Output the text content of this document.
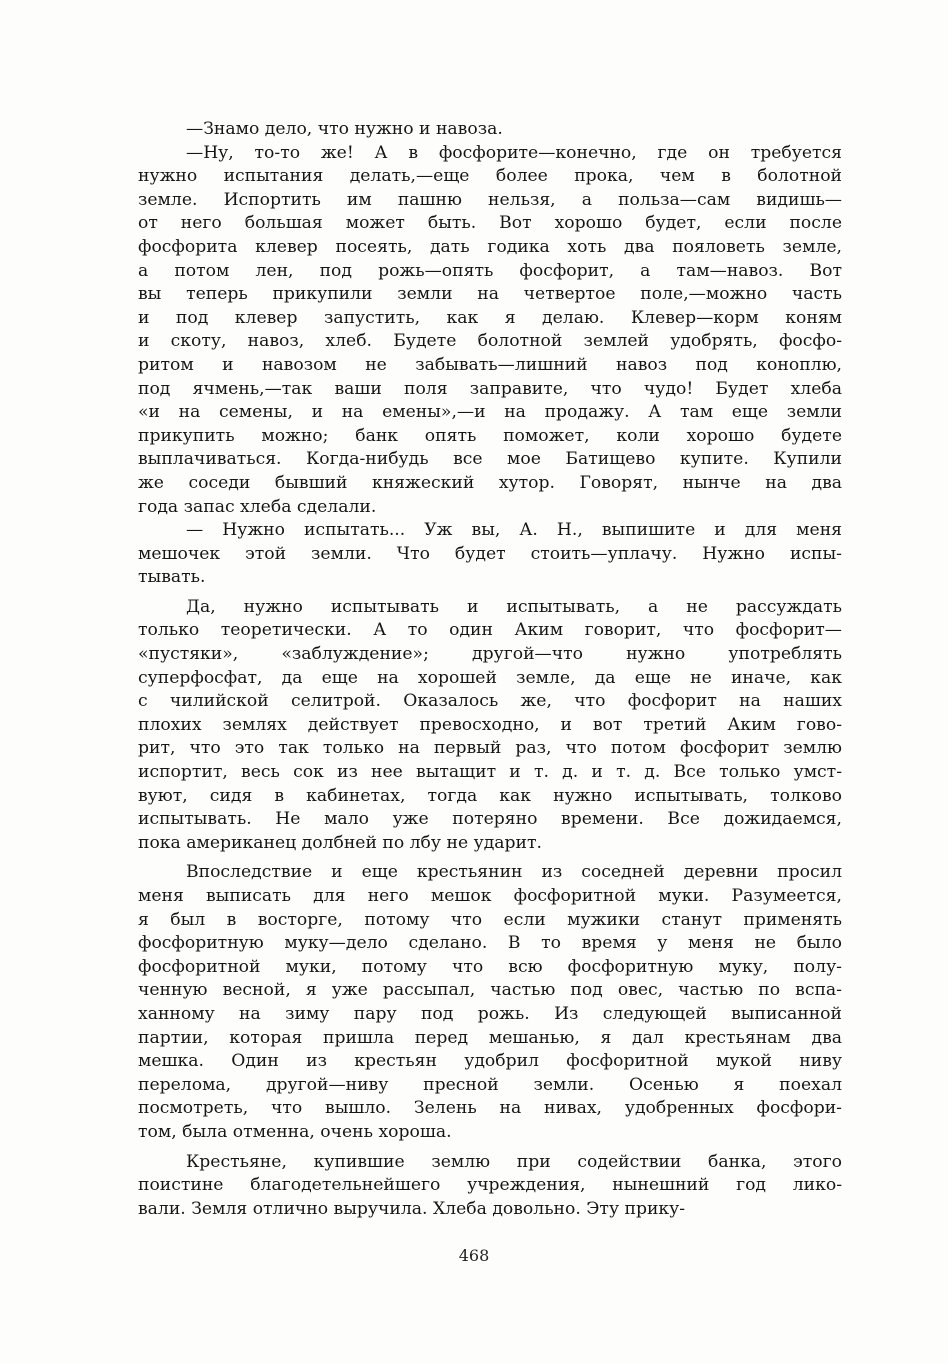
—Знамо дело, что нужно и навоза.
—Ну, то-то же! А в фосфорите—конечно, где он требуется
нужно испытания делать,—еще более прока, чем в болотной
земле. Испортить им пашню нельзя, а польза—сам видишь—
от него большая может быть. Вот хорошо будет, если после
фосфорита клевер посеять, дать годика хоть два пояловеть земле,
а потом лен, под рожь—опять фосфорит, а там—навоз. Вот
вы теперь прикупили земли на четвертое поле,—можно часть
и под клевер запустить, как я делаю. Клевер—корм коням
и скоту, навоз, хлеб. Будете болотной землей удобрять, фосфо-
ритом и навозом не забывать—лишний навоз под коноплю,
под ячмень,—так ваши поля заправите, что чудо! Будет хлеба
«и на семены, и на емены»,—и на продажу. А там еще земли
прикупить можно; банк опять поможет, коли хорошо будете
выплачиваться. Когда-нибудь все мое Батищево купите. Купили
же соседи бывший княжеский хутор. Говорят, нынче на два
года запас хлеба сделали.
— Нужно испытать... Уж вы, А. Н., выпишите и для меня
мешочек этой земли. Что будет стоить—уплачу. Нужно испы-
тывать.
Да, нужно испытывать и испытывать, а не рассуждать
только теоретически. А то один Аким говорит, что фосфорит—
«пустяки», «заблуждение»; другой—что нужно употреблять
суперфосфат, да еще на хорошей земле, да еще не иначе, как
с чилийской селитрой. Оказалось же, что фосфорит на наших
плохих землях действует превосходно, и вот третий Аким гово-
рит, что это так только на первый раз, что потом фосфорит землю
испортит, весь сок из нее вытащит и т. д. и т. д. Все только умст-
вуют, сидя в кабинетах, тогда как нужно испытывать, толково
испытывать. Не мало уже потеряно времени. Все дожидаемся,
пока американец долбней по лбу не ударит.
Впоследствие и еще крестьянин из соседней деревни просил
меня выписать для него мешок фосфоритной муки. Разумеется,
я был в восторге, потому что если мужики станут применять
фосфоритную муку—дело сделано. В то время у меня не было
фосфоритной муки, потому что всю фосфоритную муку, полу-
ченную весной, я уже рассыпал, частью под овес, частью по вспа-
ханному на зиму пару под рожь. Из следующей выписанной
партии, которая пришла перед мешанью, я дал крестьянам два
мешка. Один из крестьян удобрил фосфоритной мукой ниву
перелома, другой—ниву пресной земли. Осенью я поехал
посмотреть, что вышло. Зелень на нивах, удобренных фосфори-
том, была отменна, очень хороша.
Крестьяне, купившие землю при содействии банка, этого
поистине благодетельнейшего учреждения, нынешний год лико-
вали. Земля отлично выручила. Хлеба довольно. Эту прику-
468
